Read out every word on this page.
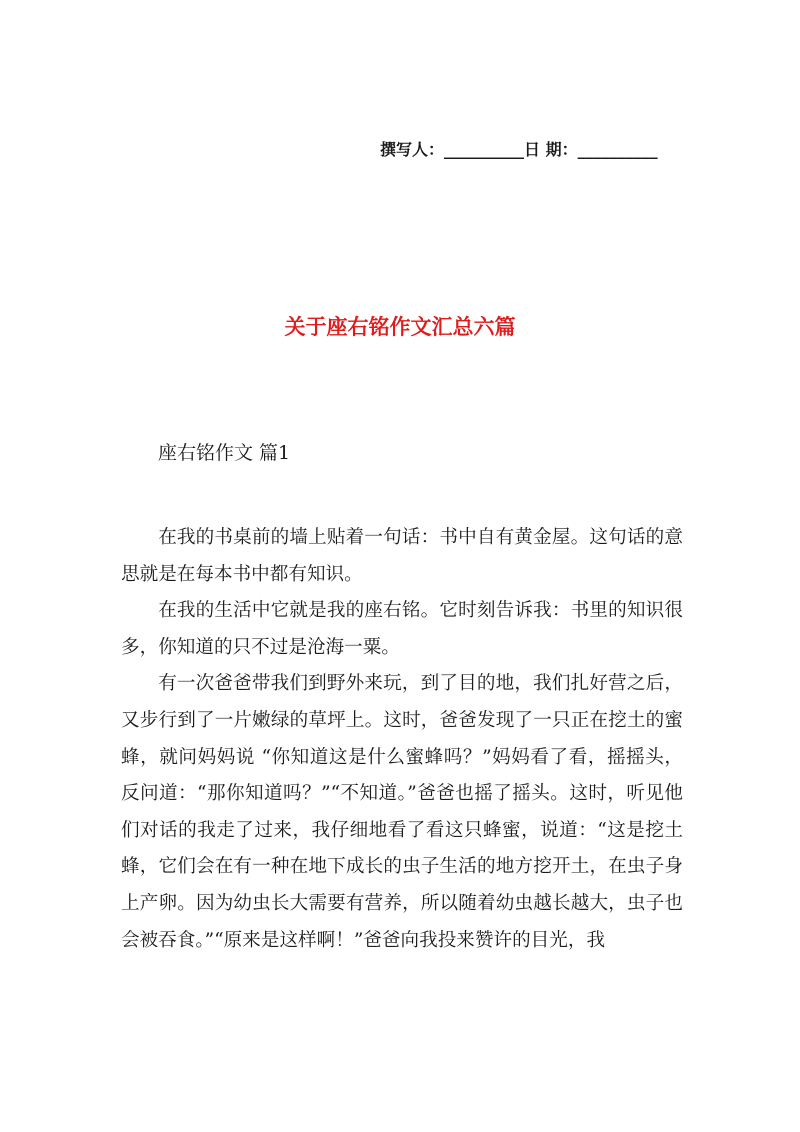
撰写人：__________日 期：__________
关于座右铭作文汇总六篇
座右铭作文 篇1

在我的书桌前的墙上贴着一句话：书中自有黄金屋。这句话的意思就是在每本书中都有知识。

在我的生活中它就是我的座右铭。它时刻告诉我：书里的知识很多，你知道的只不过是沧海一粟。

有一次爸爸带我们到野外来玩，到了目的地，我们扎好营之后，又步行到了一片嫩绿的草坪上。这时，爸爸发现了一只正在挖土的蜜蜂，就问妈妈说 “你知道这是什么蜜蜂吗？”妈妈看了看，摇摇头，反问道：“那你知道吗？”“不知道。”爸爸也摇了摇头。这时，听见他们对话的我走了过来，我仔细地看了看这只蜂蜜，说道：“这是挖土蜂，它们会在有一种在地下成长的虫子生活的地方挖开土，在虫子身上产卵。因为幼虫长大需要有营养，所以随着幼虫越长越大，虫子也会被吞食。”“原来是这样啊！”爸爸向我投来赞许的目光，我
